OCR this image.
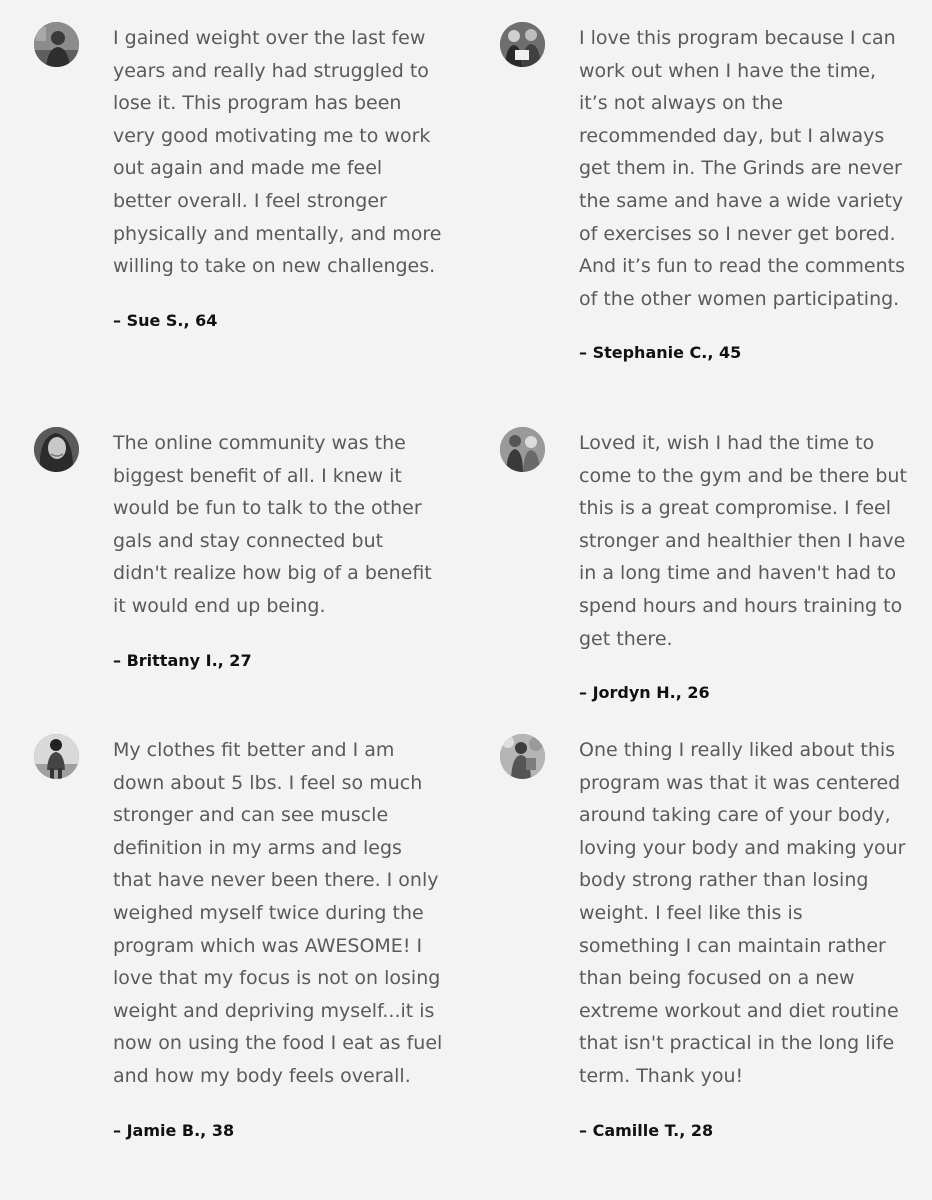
I gained weight over the last few years and really had struggled to lose it. This program has been very good motivating me to work out again and made me feel better overall. I feel stronger physically and mentally, and more willing to take on new challenges.

– Sue S., 64

I love this program because I can work out when I have the time, it’s not always on the recommended day, but I always get them in. The Grinds are never the same and have a wide variety of exercises so I never get bored. And it’s fun to read the comments of the other women participating.

– Stephanie C., 45

The online community was the biggest benefit of all. I knew it would be fun to talk to the other gals and stay connected but didn't realize how big of a benefit it would end up being.

– Brittany I., 27

Loved it, wish I had the time to come to the gym and be there but this is a great compromise. I feel stronger and healthier then I have in a long time and haven't had to spend hours and hours training to get there.

– Jordyn H., 26

My clothes fit better and I am down about 5 lbs. I feel so much stronger and can see muscle definition in my arms and legs that have never been there. I only weighed myself twice during the program which was AWESOME! I love that my focus is not on losing weight and depriving myself...it is now on using the food I eat as fuel and how my body feels overall.

– Jamie B., 38

One thing I really liked about this program was that it was centered around taking care of your body, loving your body and making your body strong rather than losing weight. I feel like this is something I can maintain rather than being focused on a new extreme workout and diet routine that isn't practical in the long life term. Thank you!

– Camille T., 28
